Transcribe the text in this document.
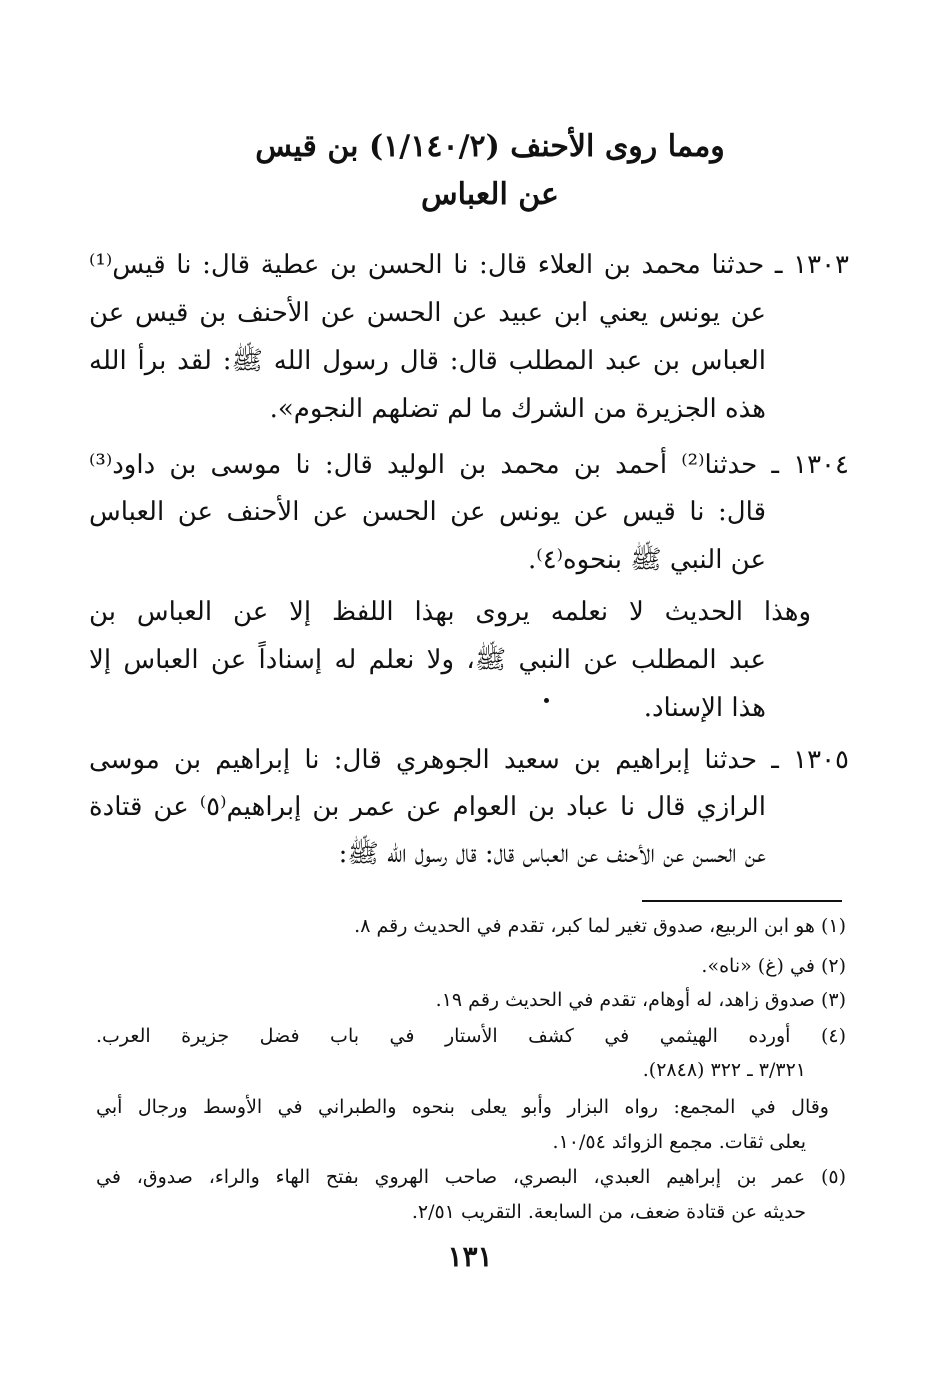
ومما روى الأحنف (١/١٤٠/٢) بن قيس
عن العباس
١٣٠٣ ـ حدثنا محمد بن العلاء قال: نا الحسن بن عطية قال: نا قيس⁽¹⁾
عن يونس يعني ابن عبيد عن الحسن عن الأحنف بن قيس عن
العباس بن عبد المطلب قال: قال رسول الله ﷺ: لقد برأ الله
هذه الجزيرة من الشرك ما لم تضلهم النجوم».
١٣٠٤ ـ حدثنا⁽²⁾ أحمد بن محمد بن الوليد قال: نا موسى بن داود⁽³⁾
قال: نا قيس عن يونس عن الحسن عن الأحنف عن العباس
عن النبي ﷺ بنحوه⁽٤⁾.
وهذا الحديث لا نعلمه يروى بهذا اللفظ إلا عن العباس بن
عبد المطلب عن النبي ﷺ، ولا نعلم له إسناداً عن العباس إلا
هذا الإسناد.
١٣٠٥ ـ حدثنا إبراهيم بن سعيد الجوهري قال: نا إبراهيم بن موسى
الرازي قال نا عباد بن العوام عن عمر بن إبراهيم⁽٥⁾ عن قتادة
عن الحسن عن الأحنف عن العباس قال: قال رسول الله ﷺ:
(١) هو ابن الربيع، صدوق تغير لما كبر، تقدم في الحديث رقم ٨.
(٢) في (غ) «ناه».
(٣) صدوق زاهد، له أوهام، تقدم في الحديث رقم ١٩.
(٤) أورده الهيثمي في كشف الأستار في باب فضل جزيرة العرب.
٣/٣٢١ ـ ٣٢٢ (٢٨٤٨).
وقال في المجمع: رواه البزار وأبو يعلى بنحوه والطبراني في الأوسط ورجال أبي
يعلى ثقات. مجمع الزوائد ١٠/٥٤.
(٥) عمر بن إبراهيم العبدي، البصري، صاحب الهروي بفتح الهاء والراء، صدوق، في
حديثه عن قتادة ضعف، من السابعة. التقريب ٢/٥١.
١٣١
